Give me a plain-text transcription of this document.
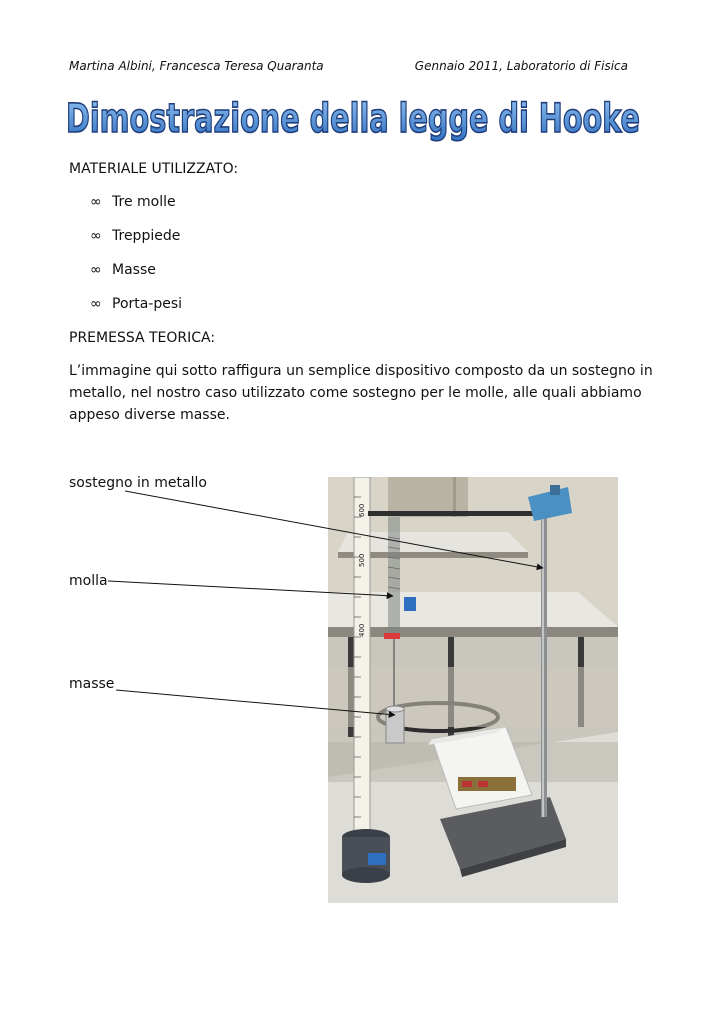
Martina Albini, Francesca Teresa Quaranta	Gennaio 2011, Laboratorio di Fisica
Dimostrazione della legge di Hooke
MATERIALE UTILIZZATO:
∞ Tre molle
∞ Treppiede
∞ Masse
∞ Porta-pesi
PREMESSA TEORICA:
L’immagine qui sotto raffigura un semplice dispositivo composto da un sostegno in metallo, nel nostro caso utilizzato come sostegno per le molle, alle quali abbiamo appeso diverse masse.
600
500
400
sostegno in metallo
molla
masse
